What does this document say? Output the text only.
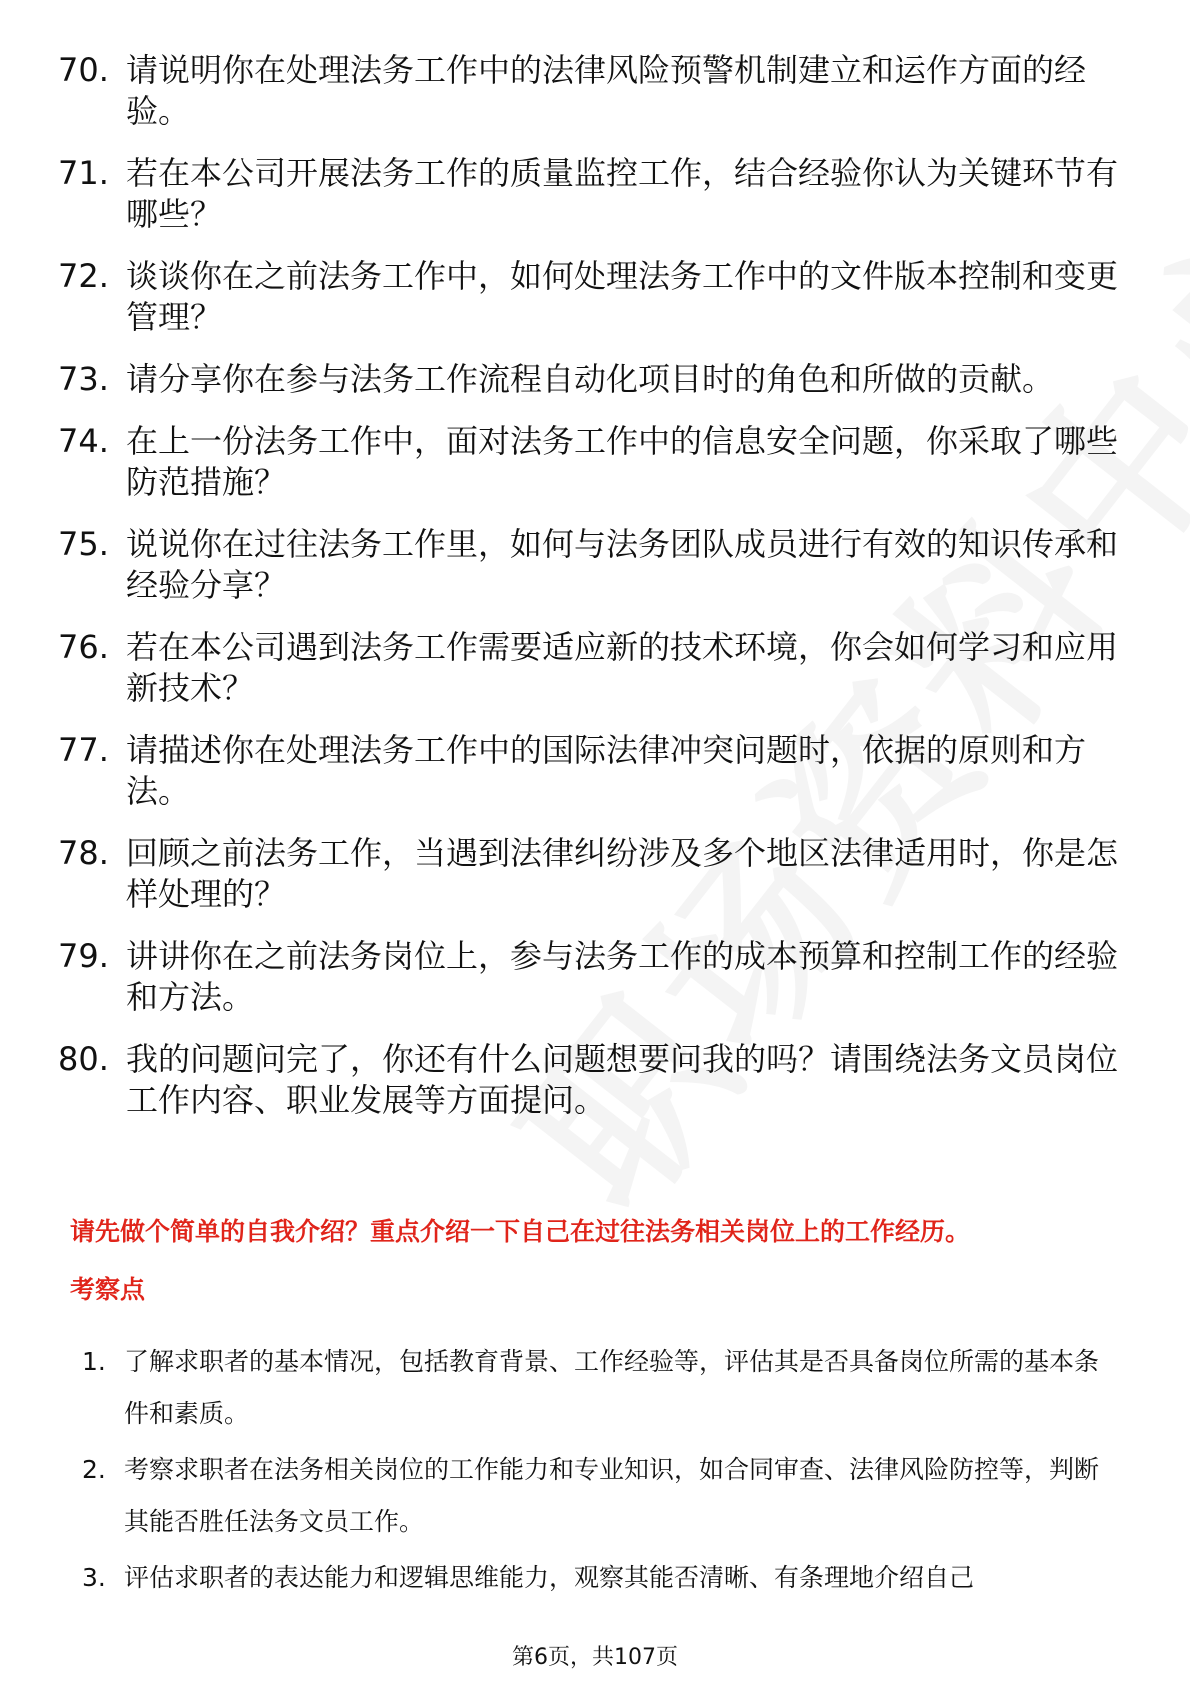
70. 请说明你在处理法务工作中的法律风险预警机制建立和运作方面的经验。
71. 若在本公司开展法务工作的质量监控工作，结合经验你认为关键环节有哪些？
72. 谈谈你在之前法务工作中，如何处理法务工作中的文件版本控制和变更管理？
73. 请分享你在参与法务工作流程自动化项目时的角色和所做的贡献。
74. 在上一份法务工作中，面对法务工作中的信息安全问题，你采取了哪些防范措施？
75. 说说你在过往法务工作里，如何与法务团队成员进行有效的知识传承和经验分享？
76. 若在本公司遇到法务工作需要适应新的技术环境，你会如何学习和应用新技术？
77. 请描述你在处理法务工作中的国际法律冲突问题时，依据的原则和方法。
78. 回顾之前法务工作，当遇到法律纠纷涉及多个地区法律适用时，你是怎样处理的？
79. 讲讲你在之前法务岗位上，参与法务工作的成本预算和控制工作的经验和方法。
80. 我的问题问完了，你还有什么问题想要问我的吗？请围绕法务文员岗位工作内容、职业发展等方面提问。
请先做个简单的自我介绍？重点介绍一下自己在过往法务相关岗位上的工作经历。
考察点
1. 了解求职者的基本情况，包括教育背景、工作经验等，评估其是否具备岗位所需的基本条件和素质。
2. 考察求职者在法务相关岗位的工作能力和专业知识，如合同审查、法律风险防控等，判断其能否胜任法务文员工作。
3. 评估求职者的表达能力和逻辑思维能力，观察其能否清晰、有条理地介绍自己
第6页，共107页
